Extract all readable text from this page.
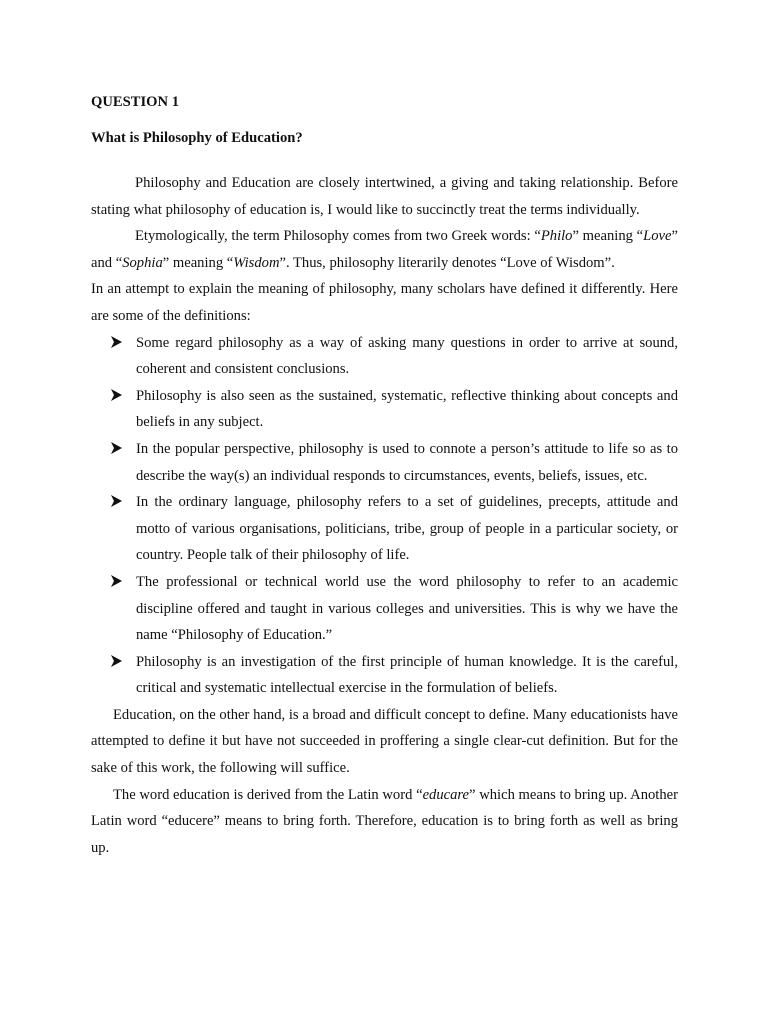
QUESTION 1
What is Philosophy of Education?

Philosophy and Education are closely intertwined, a giving and taking relationship. Before stating what philosophy of education is, I would like to succinctly treat the terms individually.

Etymologically, the term Philosophy comes from two Greek words: “Philo” meaning “Love” and “Sophia” meaning “Wisdom”. Thus, philosophy literarily denotes “Love of Wisdom”.

In an attempt to explain the meaning of philosophy, many scholars have defined it differently. Here are some of the definitions:

Some regard philosophy as a way of asking many questions in order to arrive at sound, coherent and consistent conclusions.
Philosophy is also seen as the sustained, systematic, reflective thinking about concepts and beliefs in any subject.
In the popular perspective, philosophy is used to connote a person’s attitude to life so as to describe the way(s) an individual responds to circumstances, events, beliefs, issues, etc.
In the ordinary language, philosophy refers to a set of guidelines, precepts, attitude and motto of various organisations, politicians, tribe, group of people in a particular society, or country. People talk of their philosophy of life.
The professional or technical world use the word philosophy to refer to an academic discipline offered and taught in various colleges and universities. This is why we have the name “Philosophy of Education.”
Philosophy is an investigation of the first principle of human knowledge. It is the careful, critical and systematic intellectual exercise in the formulation of beliefs.

Education, on the other hand, is a broad and difficult concept to define. Many educationists have attempted to define it but have not succeeded in proffering a single clear-cut definition. But for the sake of this work, the following will suffice.

The word education is derived from the Latin word “educare” which means to bring up. Another Latin word “educere” means to bring forth. Therefore, education is to bring forth as well as bring up.
